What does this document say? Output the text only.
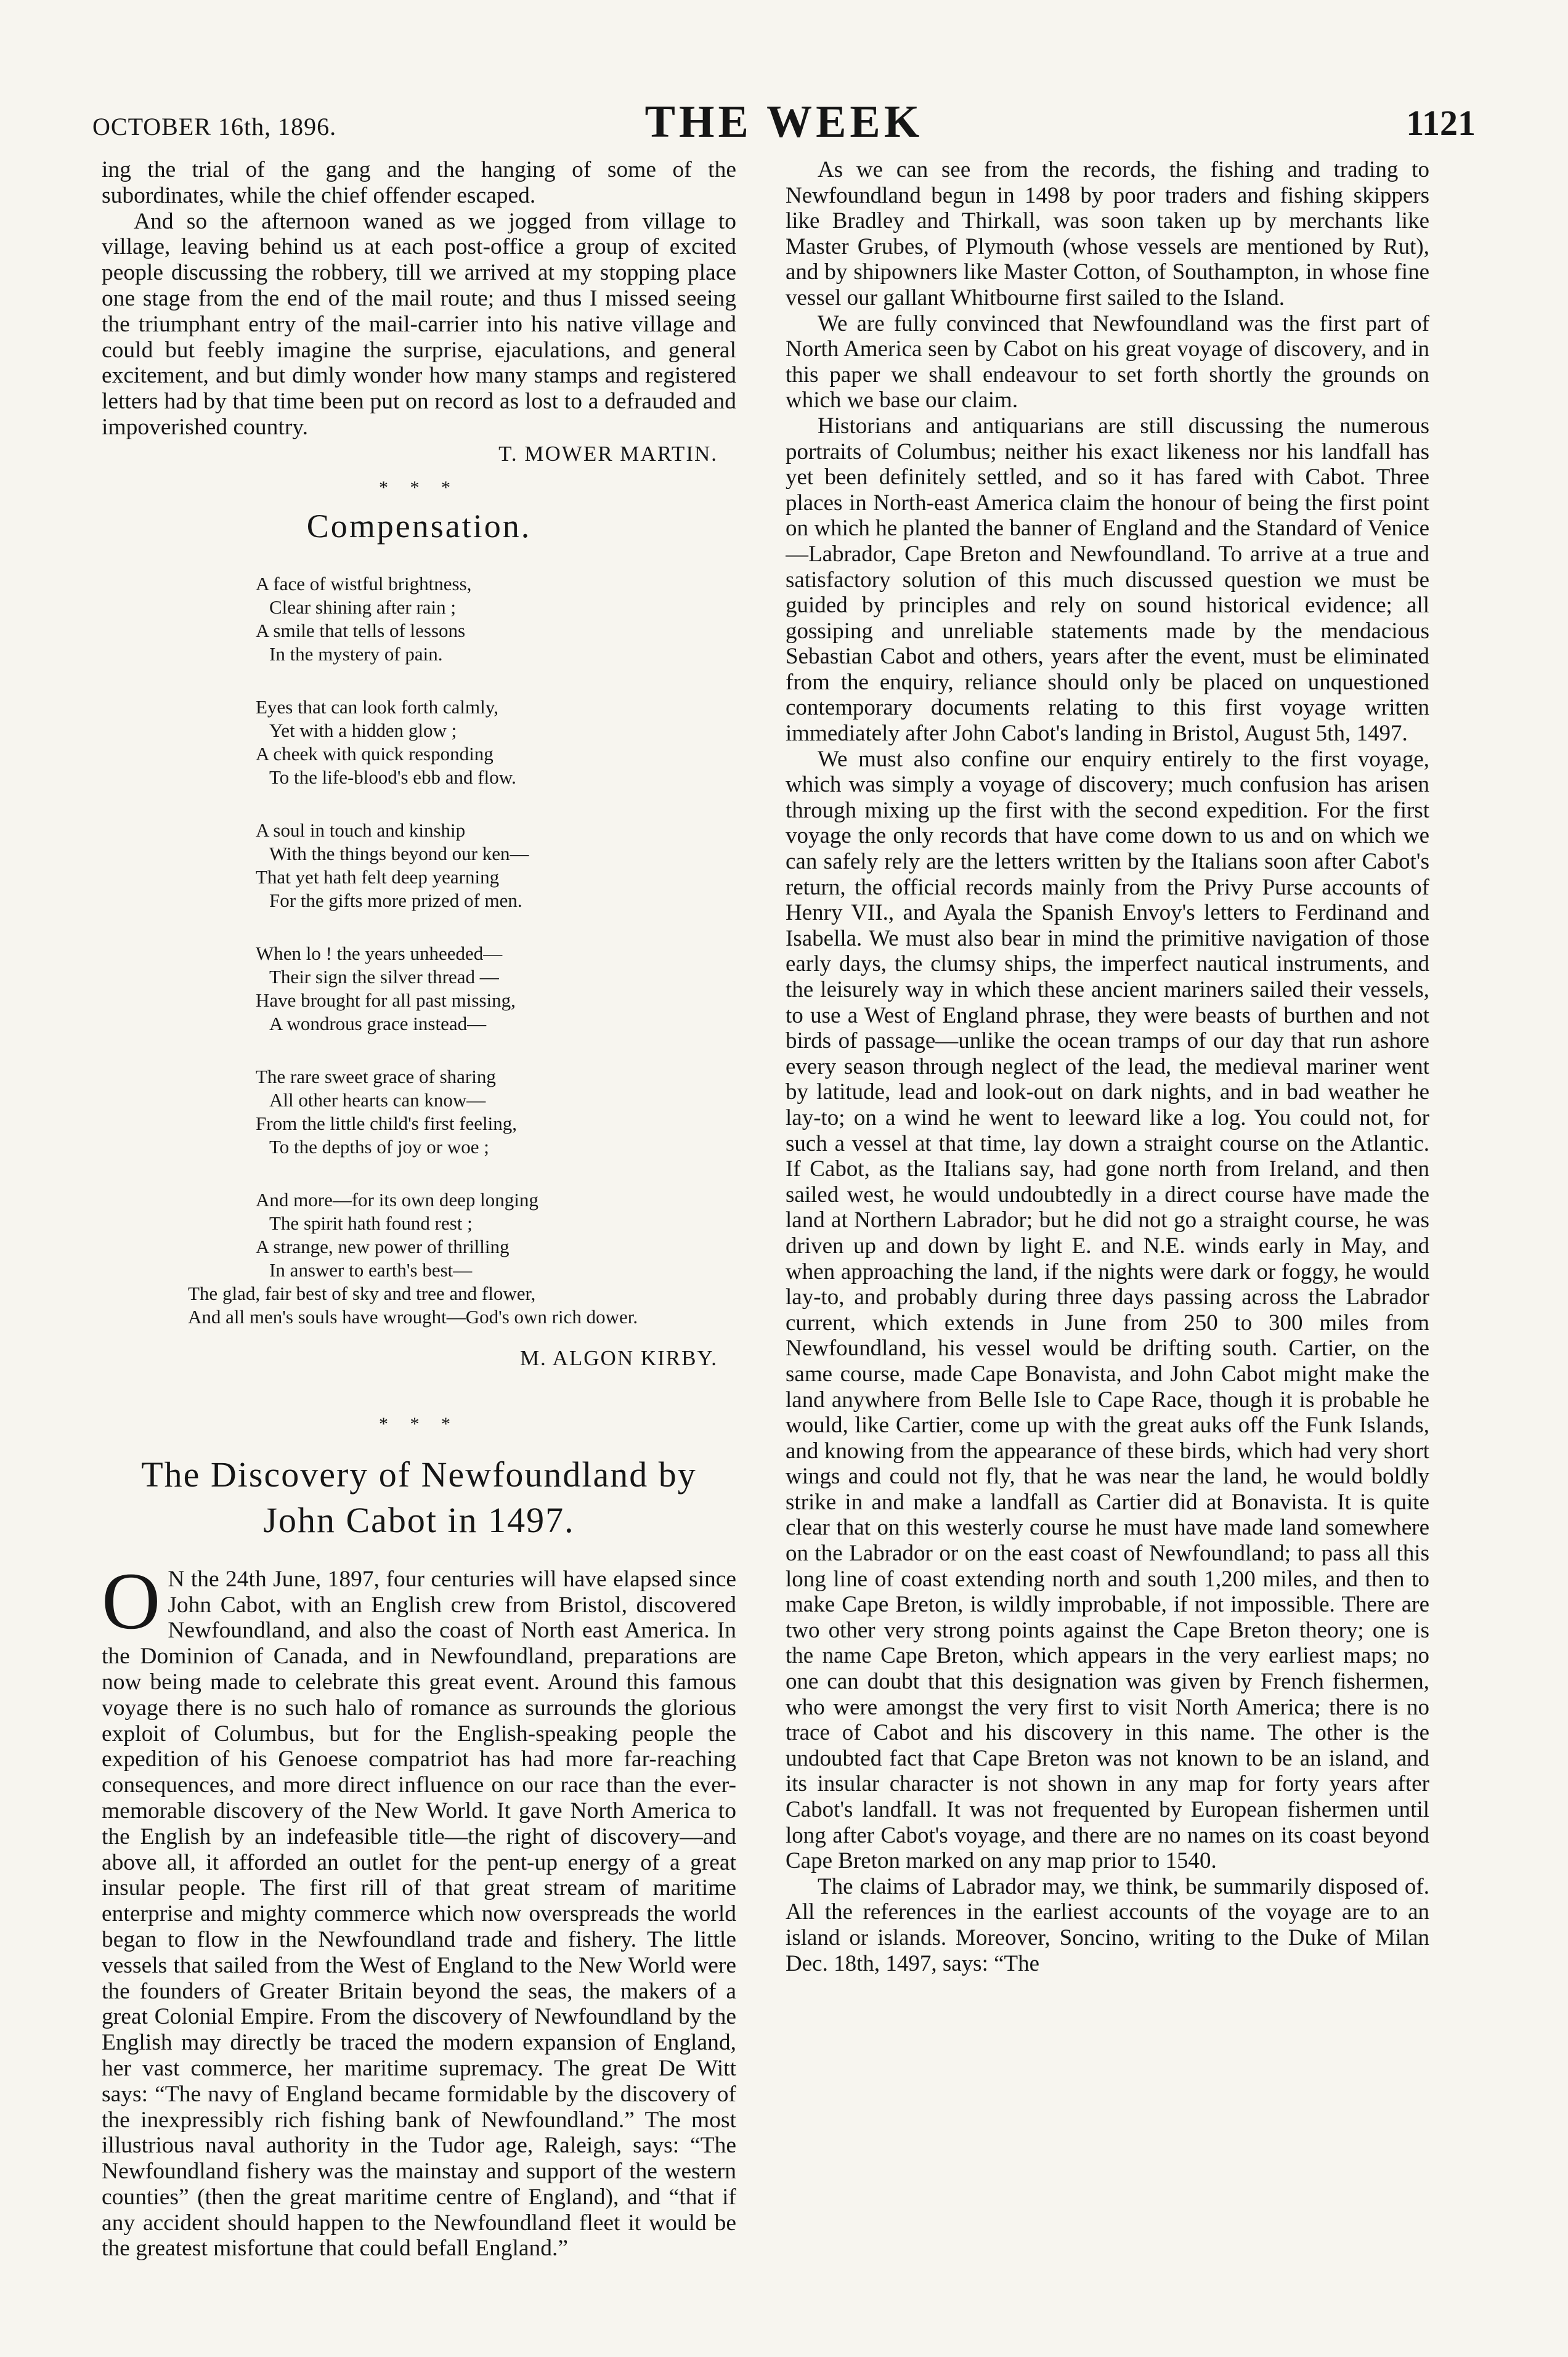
OCTOBER 16th, 1896.	THE WEEK	1121

ing the trial of the gang and the hanging of some of the subordinates, while the chief offender escaped.

And so the afternoon waned as we jogged from village to village, leaving behind us at each post-office a group of excited people discussing the robbery, till we arrived at my stopping place one stage from the end of the mail route; and thus I missed seeing the triumphant entry of the mail-carrier into his native village and could but feebly imagine the surprise, ejaculations, and general excitement, and but dimly wonder how many stamps and registered letters had by that time been put on record as lost to a defrauded and impoverished country.

T. MOWER MARTIN.
* * *
Compensation.
A face of wistful brightness,
Clear shining after rain ;
A smile that tells of lessons
In the mystery of pain.
Eyes that can look forth calmly,
Yet with a hidden glow ;
A cheek with quick responding
To the life-blood's ebb and flow.
A soul in touch and kinship
With the things beyond our ken—
That yet hath felt deep yearning
For the gifts more prized of men.
When lo ! the years unheeded—
Their sign the silver thread —
Have brought for all past missing,
A wondrous grace instead—
The rare sweet grace of sharing
All other hearts can know—
From the little child's first feeling,
To the depths of joy or woe ;
And more—for its own deep longing
The spirit hath found rest ;
A strange, new power of thrilling
In answer to earth's best—
The glad, fair best of sky and tree and flower,
And all men's souls have wrought—God's own rich dower.
M. ALGON KIRBY.
* * *
The Discovery of Newfoundland by John Cabot in 1497.

O N the 24th June, 1897, four centuries will have elapsed since John Cabot, with an English crew from Bristol, discovered Newfoundland, and also the coast of North east America. In the Dominion of Canada, and in Newfoundland, preparations are now being made to celebrate this great event. Around this famous voyage there is no such halo of romance as surrounds the glorious exploit of Columbus, but for the English-speaking people the expedition of his Genoese compatriot has had more far-reaching consequences, and more direct influence on our race than the ever-memorable discovery of the New World. It gave North America to the English by an indefeasible title—the right of discovery—and above all, it afforded an outlet for the pent-up energy of a great insular people. The first rill of that great stream of maritime enterprise and mighty commerce which now overspreads the world began to flow in the Newfoundland trade and fishery. The little vessels that sailed from the West of England to the New World were the founders of Greater Britain beyond the seas, the makers of a great Colonial Empire. From the discovery of Newfoundland by the English may directly be traced the modern expansion of England, her vast commerce, her maritime supremacy. The great De Witt says: “The navy of England became formidable by the discovery of the inexpressibly rich fishing bank of Newfoundland.” The most illustrious naval authority in the Tudor age, Raleigh, says: “The Newfoundland fishery was the mainstay and support of the western counties” (then the great maritime centre of England), and “that if any accident should happen to the Newfoundland fleet it would be the greatest misfortune that could befall England.”

As we can see from the records, the fishing and trading to Newfoundland begun in 1498 by poor traders and fishing skippers like Bradley and Thirkall, was soon taken up by merchants like Master Grubes, of Plymouth (whose vessels are mentioned by Rut), and by shipowners like Master Cotton, of Southampton, in whose fine vessel our gallant Whitbourne first sailed to the Island.

We are fully convinced that Newfoundland was the first part of North America seen by Cabot on his great voyage of discovery, and in this paper we shall endeavour to set forth shortly the grounds on which we base our claim.

Historians and antiquarians are still discussing the numerous portraits of Columbus; neither his exact likeness nor his landfall has yet been definitely settled, and so it has fared with Cabot. Three places in North-east America claim the honour of being the first point on which he planted the banner of England and the Standard of Venice—Labrador, Cape Breton and Newfoundland. To arrive at a true and satisfactory solution of this much discussed question we must be guided by principles and rely on sound historical evidence; all gossiping and unreliable statements made by the mendacious Sebastian Cabot and others, years after the event, must be eliminated from the enquiry, reliance should only be placed on unquestioned contemporary documents relating to this first voyage written immediately after John Cabot's landing in Bristol, August 5th, 1497.

We must also confine our enquiry entirely to the first voyage, which was simply a voyage of discovery; much confusion has arisen through mixing up the first with the second expedition. For the first voyage the only records that have come down to us and on which we can safely rely are the letters written by the Italians soon after Cabot's return, the official records mainly from the Privy Purse accounts of Henry VII., and Ayala the Spanish Envoy's letters to Ferdinand and Isabella. We must also bear in mind the primitive navigation of those early days, the clumsy ships, the imperfect nautical instruments, and the leisurely way in which these ancient mariners sailed their vessels, to use a West of England phrase, they were beasts of burthen and not birds of passage—unlike the ocean tramps of our day that run ashore every season through neglect of the lead, the medieval mariner went by latitude, lead and look-out on dark nights, and in bad weather he lay-to; on a wind he went to leeward like a log. You could not, for such a vessel at that time, lay down a straight course on the Atlantic. If Cabot, as the Italians say, had gone north from Ireland, and then sailed west, he would undoubtedly in a direct course have made the land at Northern Labrador; but he did not go a straight course, he was driven up and down by light E. and N.E. winds early in May, and when approaching the land, if the nights were dark or foggy, he would lay-to, and probably during three days passing across the Labrador current, which extends in June from 250 to 300 miles from Newfoundland, his vessel would be drifting south. Cartier, on the same course, made Cape Bonavista, and John Cabot might make the land anywhere from Belle Isle to Cape Race, though it is probable he would, like Cartier, come up with the great auks off the Funk Islands, and knowing from the appearance of these birds, which had very short wings and could not fly, that he was near the land, he would boldly strike in and make a landfall as Cartier did at Bonavista. It is quite clear that on this westerly course he must have made land somewhere on the Labrador or on the east coast of Newfoundland; to pass all this long line of coast extending north and south 1,200 miles, and then to make Cape Breton, is wildly improbable, if not impossible. There are two other very strong points against the Cape Breton theory; one is the name Cape Breton, which appears in the very earliest maps; no one can doubt that this designation was given by French fishermen, who were amongst the very first to visit North America; there is no trace of Cabot and his discovery in this name. The other is the undoubted fact that Cape Breton was not known to be an island, and its insular character is not shown in any map for forty years after Cabot's landfall. It was not frequented by European fishermen until long after Cabot's voyage, and there are no names on its coast beyond Cape Breton marked on any map prior to 1540.

The claims of Labrador may, we think, be summarily disposed of. All the references in the earliest accounts of the voyage are to an island or islands. Moreover, Soncino, writing to the Duke of Milan Dec. 18th, 1497, says: “The
